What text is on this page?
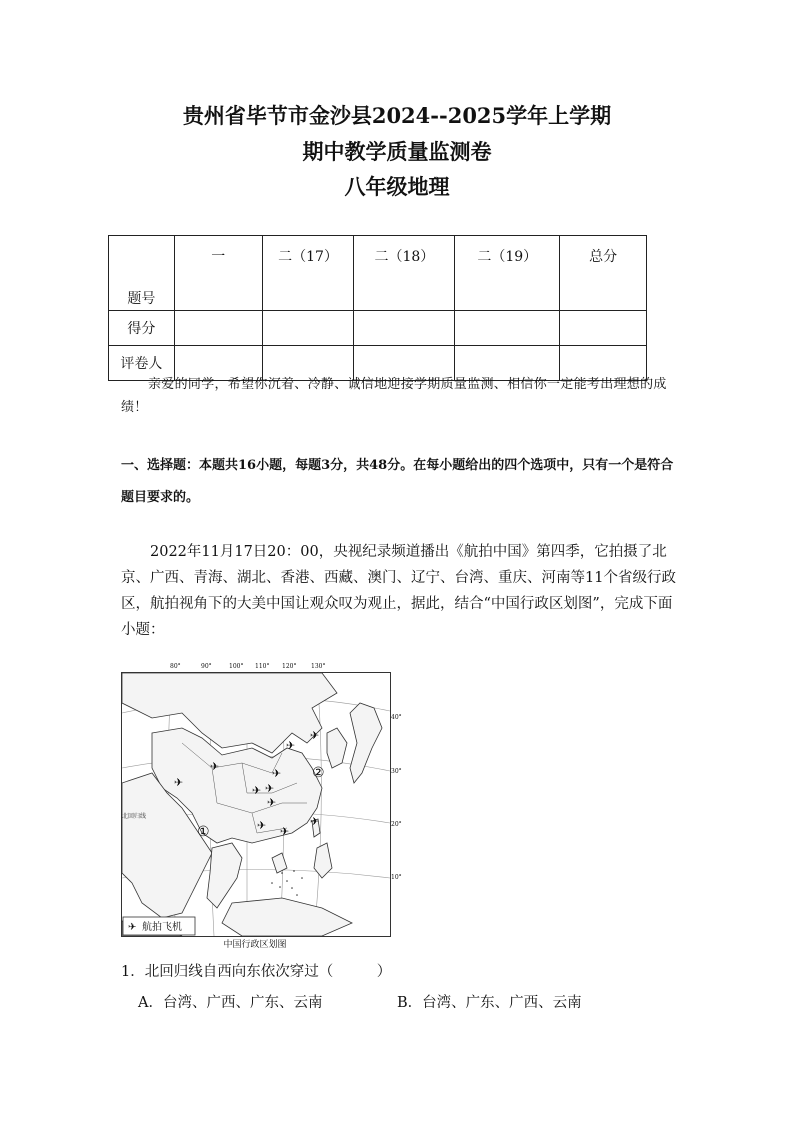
贵州省毕节市金沙县2024--2025学年上学期
期中教学质量监测卷
八年级地理
题号	一	二（17）	二（18）	二（19）	总分
得分					
评卷人					
亲爱的同学，希望你沉着、冷静、诚信地迎接学期质量监测、相信你一定能考出理想的成绩！
一、选择题：本题共16小题，每题3分，共48分。在每小题给出的四个选项中，只有一个是符合题目要求的。
2022年11月17日20：00，央视纪录频道播出《航拍中国》第四季，它拍摄了北京、广西、青海、湖北、香港、西藏、澳门、辽宁、台湾、重庆、河南等11个省级行政区，航拍视角下的大美中国让观众叹为观止，据此，结合“中国行政区划图”，完成下面小题：
80°	90°	100° 110° 120° 130°
✈
✈
✈
✈
✈
✈ ✈
✈
✈ ✈
✈
北回归线
①
②
✈ 航拍飞机
40°
30°
20°
10°
中国行政区划图
1．北回归线自西向东依次穿过（　　　）
A．台湾、广西、广东、云南	B．台湾、广东、广西、云南
